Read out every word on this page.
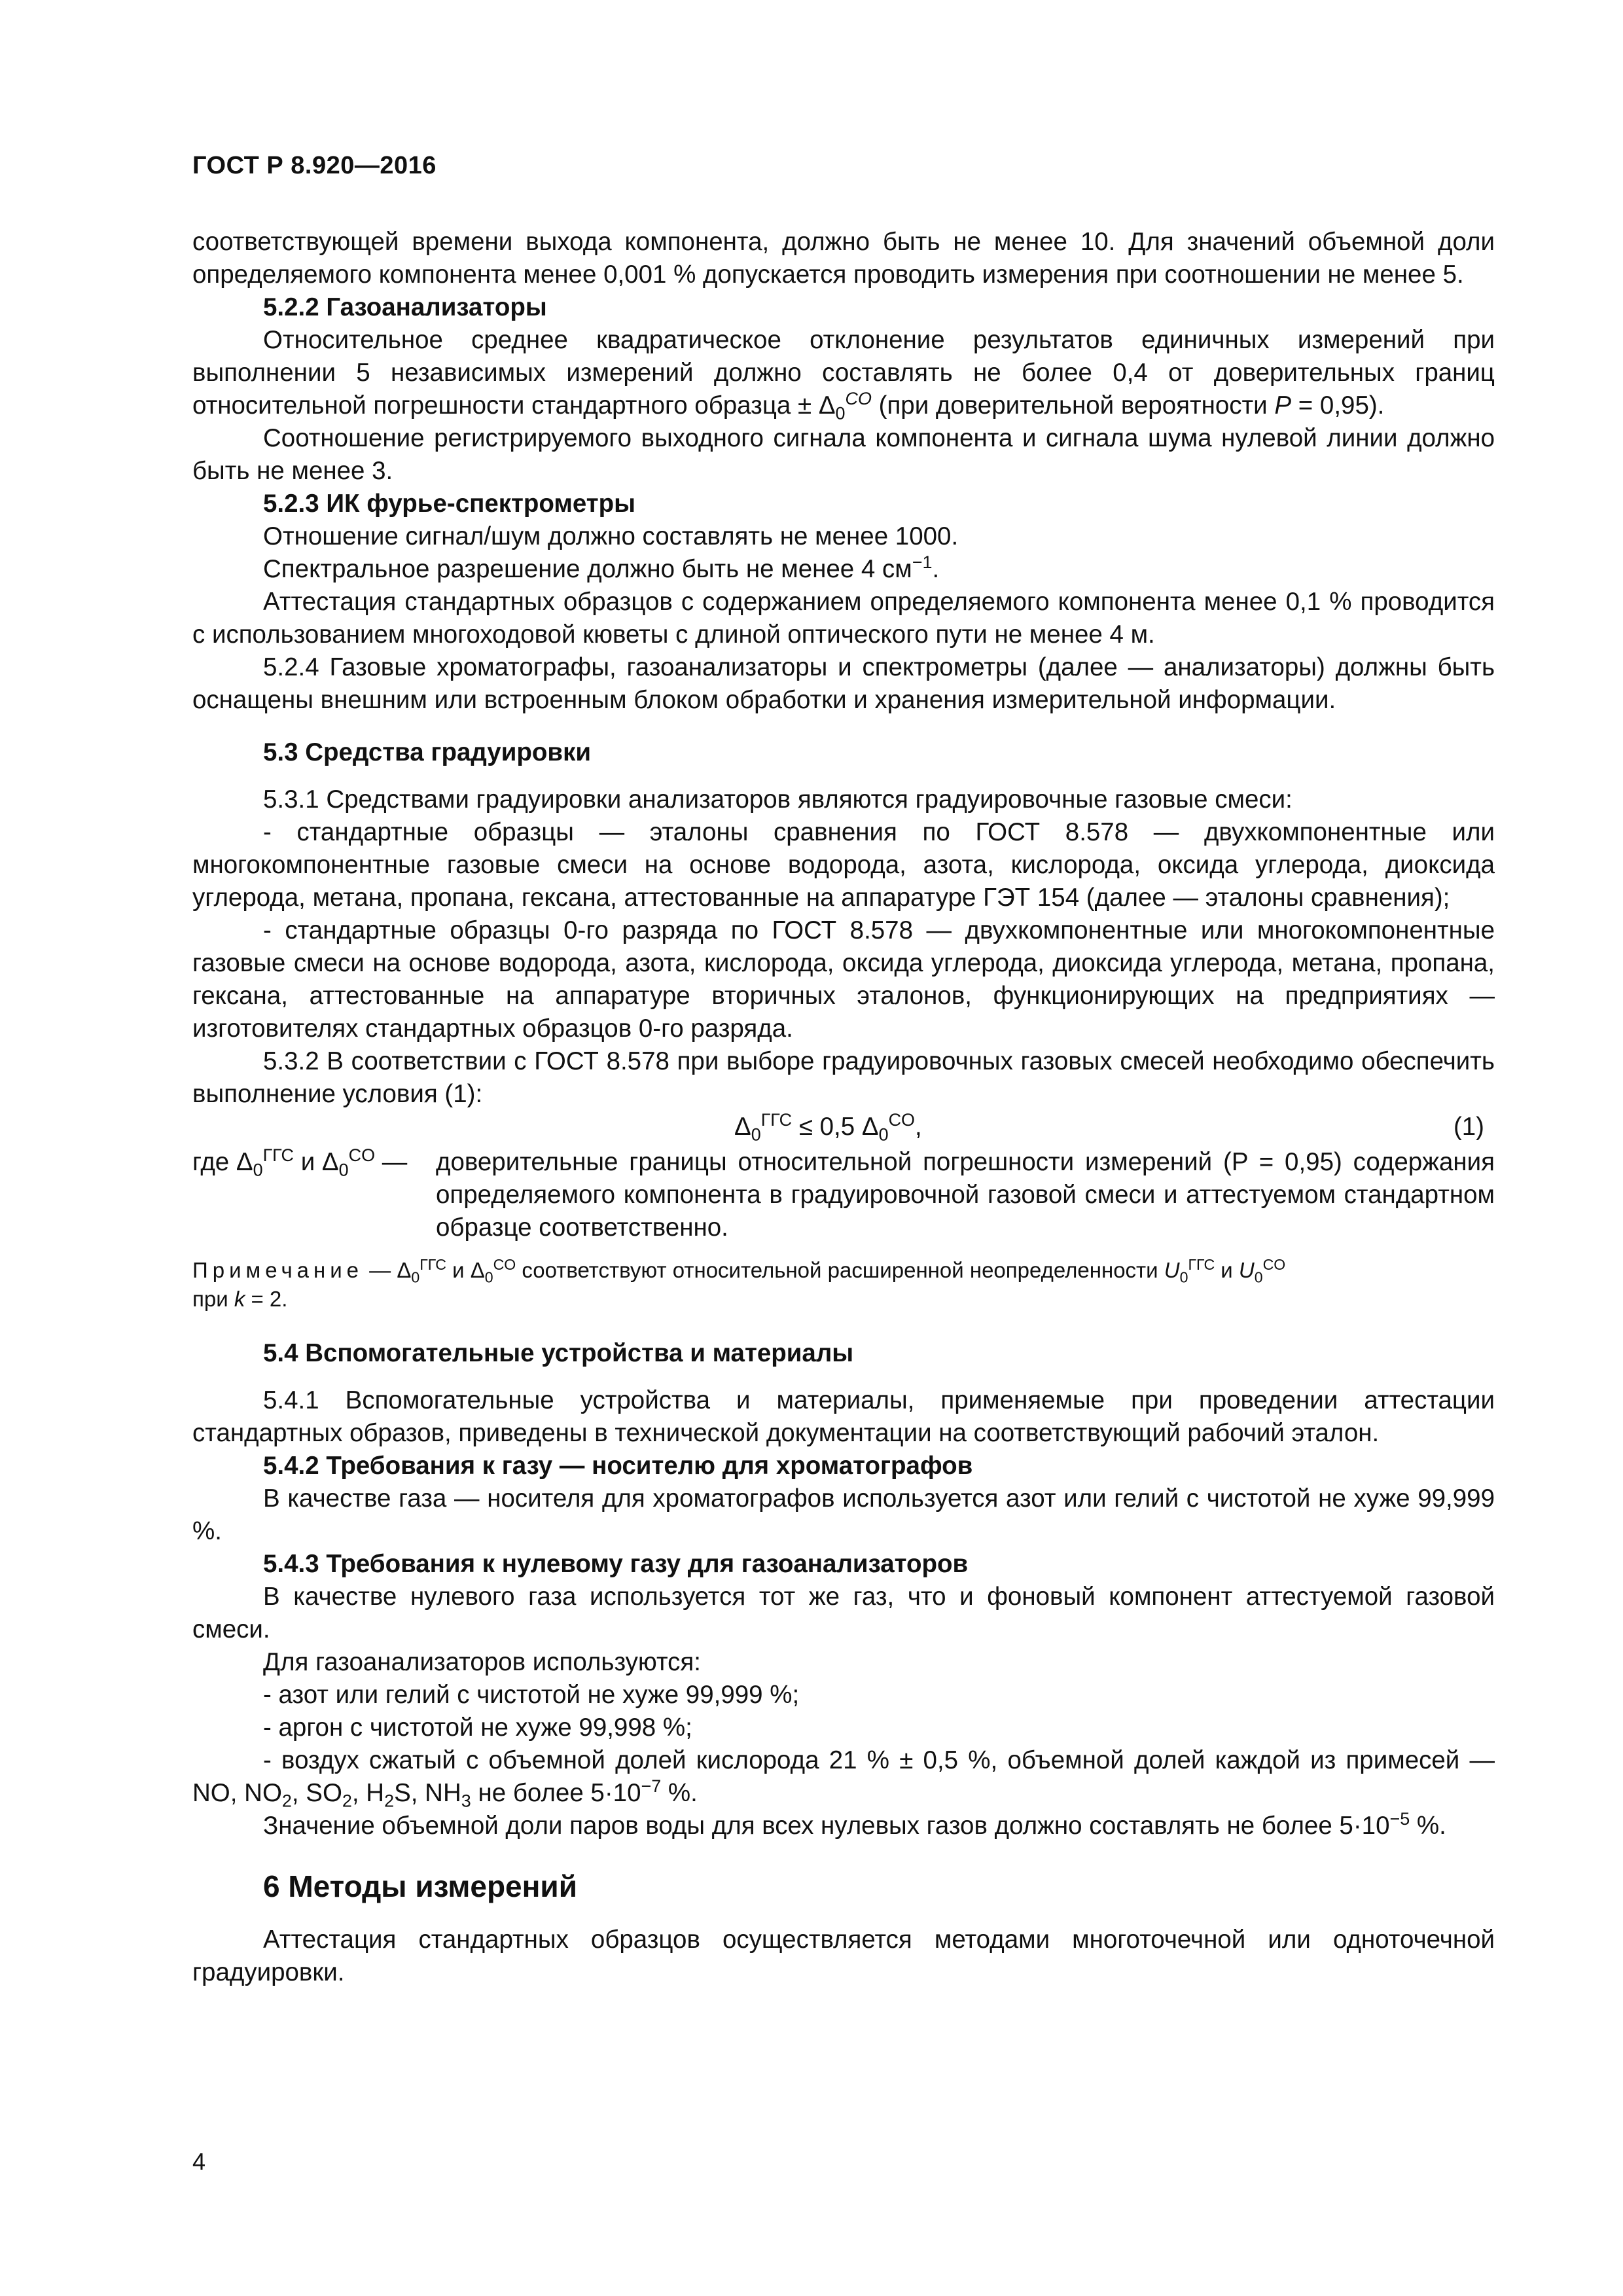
ГОСТ Р 8.920—2016

соответствующей времени выхода компонента, должно быть не менее 10. Для значений объемной доли определяемого компонента менее 0,001 % допускается проводить измерения при соотношении не менее 5.

5.2.2 Газоанализаторы

Относительное среднее квадратическое отклонение результатов единичных измерений при выполнении 5 независимых измерений должно составлять не более 0,4 от доверительных границ относительной погрешности стандартного образца ± $\Delta_0^{CO}$ (при доверительной вероятности P = 0,95).

Соотношение регистрируемого выходного сигнала компонента и сигнала шума нулевой линии должно быть не менее 3.

5.2.3 ИК фурье-спектрометры

Отношение сигнал/шум должно составлять не менее 1000.

Спектральное разрешение должно быть не менее 4 $см^{-1}$.

Аттестация стандартных образцов с содержанием определяемого компонента менее 0,1 % проводится с использованием многоходовой кюветы с длиной оптического пути не менее 4 м.

5.2.4 Газовые хроматографы, газоанализаторы и спектрометры (далее — анализаторы) должны быть оснащены внешним или встроенным блоком обработки и хранения измерительной информации.

5.3 Средства градуировки

5.3.1 Средствами градуировки анализаторов являются градуировочные газовые смеси:

- стандартные образцы — эталоны сравнения по ГОСТ 8.578 — двухкомпонентные или многокомпонентные газовые смеси на основе водорода, азота, кислорода, оксида углерода, диоксида углерода, метана, пропана, гексана, аттестованные на аппаратуре ГЭТ 154 (далее — эталоны сравнения);

- стандартные образцы 0-го разряда по ГОСТ 8.578 — двухкомпонентные или многокомпонентные газовые смеси на основе водорода, азота, кислорода, оксида углерода, диоксида углерода, метана, пропана, гексана, аттестованные на аппаратуре вторичных эталонов, функционирующих на предприятиях — изготовителях стандартных образцов 0-го разряда.

5.3.2 В соответствии с ГОСТ 8.578 при выборе градуировочных газовых смесей необходимо обеспечить выполнение условия (1):

$\Delta_0^{ГГС} \le 0,5$ $\Delta_0^{CO}$,	(1)
где $\Delta_0^{ГГС}$ и $\Delta_0^{CO}$ —	доверительные границы относительной погрешности измерений (P = 0,95) содержания определяемого компонента в градуировочной газовой смеси и аттестуемом стандартном образце соответственно.

Примечание — $\Delta_0^{ГГС}$ и $\Delta_0^{CO}$ соответствуют относительной расширенной неопределенности $U_0^{ГГС}$ и $U_0^{CO}$
при k = 2.

5.4 Вспомогательные устройства и материалы

5.4.1 Вспомогательные устройства и материалы, применяемые при проведении аттестации стандартных образов, приведены в технической документации на соответствующий рабочий эталон.

5.4.2 Требования к газу — носителю для хроматографов

В качестве газа — носителя для хроматографов используется азот или гелий с чистотой не хуже 99,999 %.

5.4.3 Требования к нулевому газу для газоанализаторов

В качестве нулевого газа используется тот же газ, что и фоновый компонент аттестуемой газовой смеси.

Для газоанализаторов используются:

- азот или гелий с чистотой не хуже 99,999 %;

- аргон с чистотой не хуже 99,998 %;

- воздух сжатый с объемной долей кислорода 21 % ± 0,5 %, объемной долей каждой из примесей — NO, $NO_2$, $SO_2$, $H_2S$, $NH_3$ не более $5\cdot 10^{-7}$ %.

Значение объемной доли паров воды для всех нулевых газов должно составлять не более $5\cdot 10^{-5}$ %.

6 Методы измерений

Аттестация стандартных образцов осуществляется методами многоточечной или одноточечной градуировки.

4
